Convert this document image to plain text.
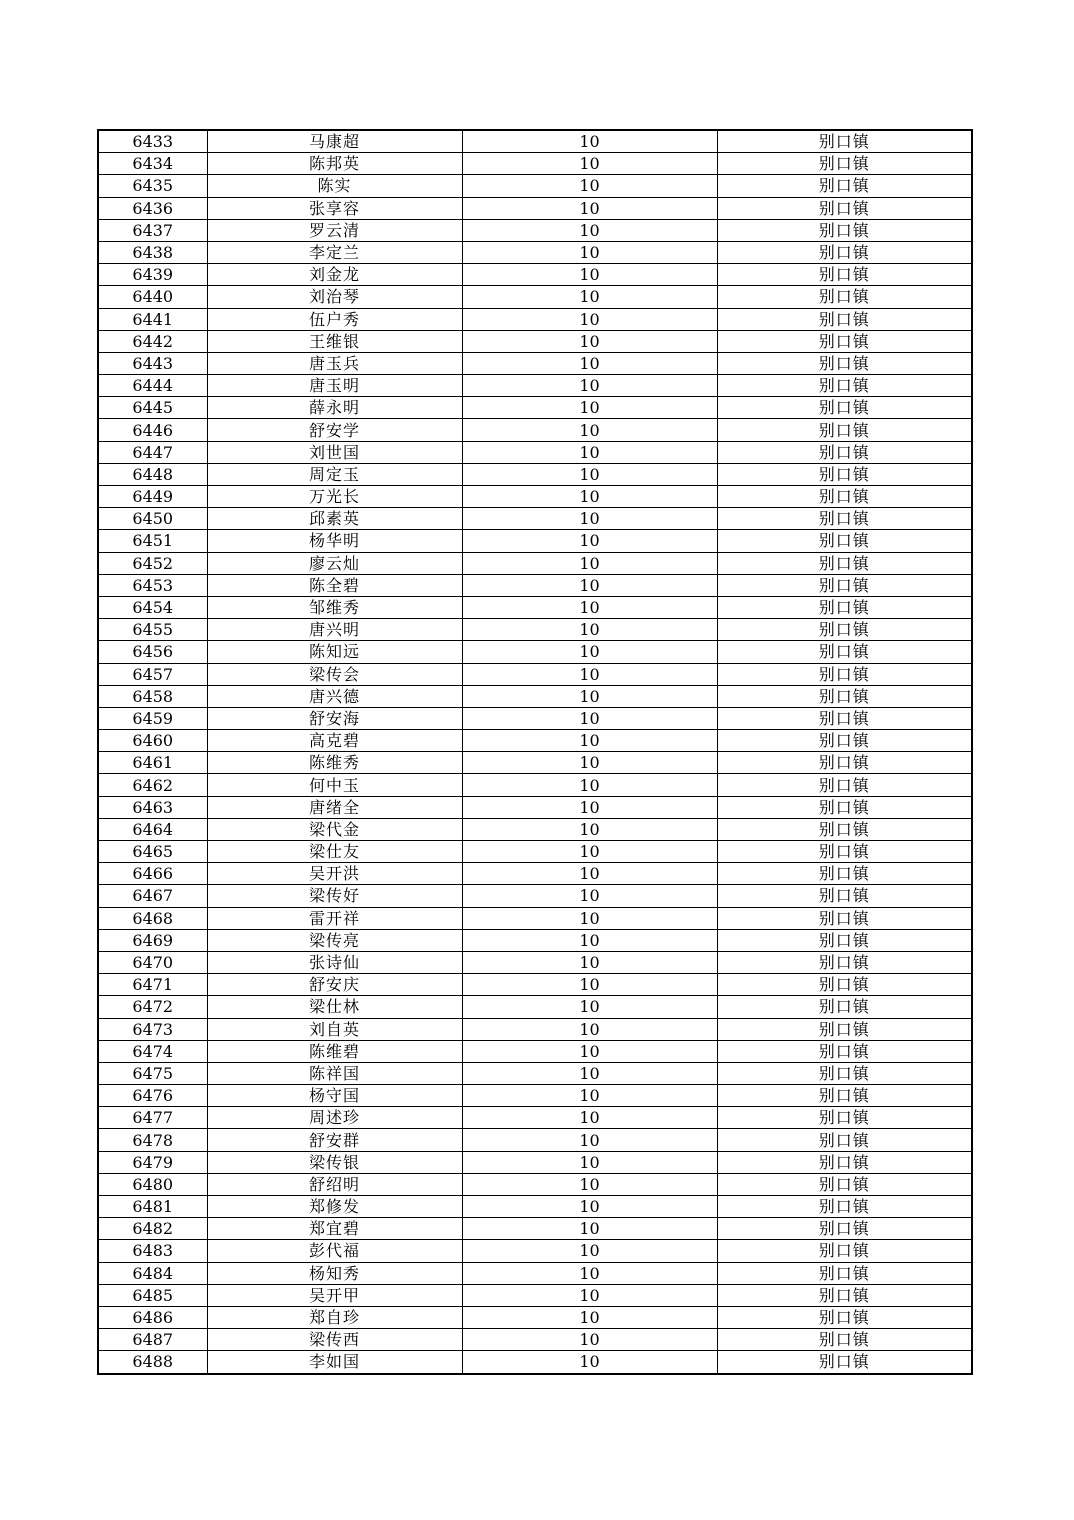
6433	马康超	10	别口镇
6434	陈邦英	10	别口镇
6435	陈实	10	别口镇
6436	张享容	10	别口镇
6437	罗云清	10	别口镇
6438	李定兰	10	别口镇
6439	刘金龙	10	别口镇
6440	刘治琴	10	别口镇
6441	伍户秀	10	别口镇
6442	王维银	10	别口镇
6443	唐玉兵	10	别口镇
6444	唐玉明	10	别口镇
6445	薛永明	10	别口镇
6446	舒安学	10	别口镇
6447	刘世国	10	别口镇
6448	周定玉	10	别口镇
6449	万光长	10	别口镇
6450	邱素英	10	别口镇
6451	杨华明	10	别口镇
6452	廖云灿	10	别口镇
6453	陈全碧	10	别口镇
6454	邹维秀	10	别口镇
6455	唐兴明	10	别口镇
6456	陈知远	10	别口镇
6457	梁传会	10	别口镇
6458	唐兴德	10	别口镇
6459	舒安海	10	别口镇
6460	高克碧	10	别口镇
6461	陈维秀	10	别口镇
6462	何中玉	10	别口镇
6463	唐绪全	10	别口镇
6464	梁代金	10	别口镇
6465	梁仕友	10	别口镇
6466	吴开洪	10	别口镇
6467	梁传好	10	别口镇
6468	雷开祥	10	别口镇
6469	梁传亮	10	别口镇
6470	张诗仙	10	别口镇
6471	舒安庆	10	别口镇
6472	梁仕林	10	别口镇
6473	刘自英	10	别口镇
6474	陈维碧	10	别口镇
6475	陈祥国	10	别口镇
6476	杨守国	10	别口镇
6477	周述珍	10	别口镇
6478	舒安群	10	别口镇
6479	梁传银	10	别口镇
6480	舒绍明	10	别口镇
6481	郑修发	10	别口镇
6482	郑宜碧	10	别口镇
6483	彭代福	10	别口镇
6484	杨知秀	10	别口镇
6485	吴开甲	10	别口镇
6486	郑自珍	10	别口镇
6487	梁传西	10	别口镇
6488	李如国	10	别口镇
